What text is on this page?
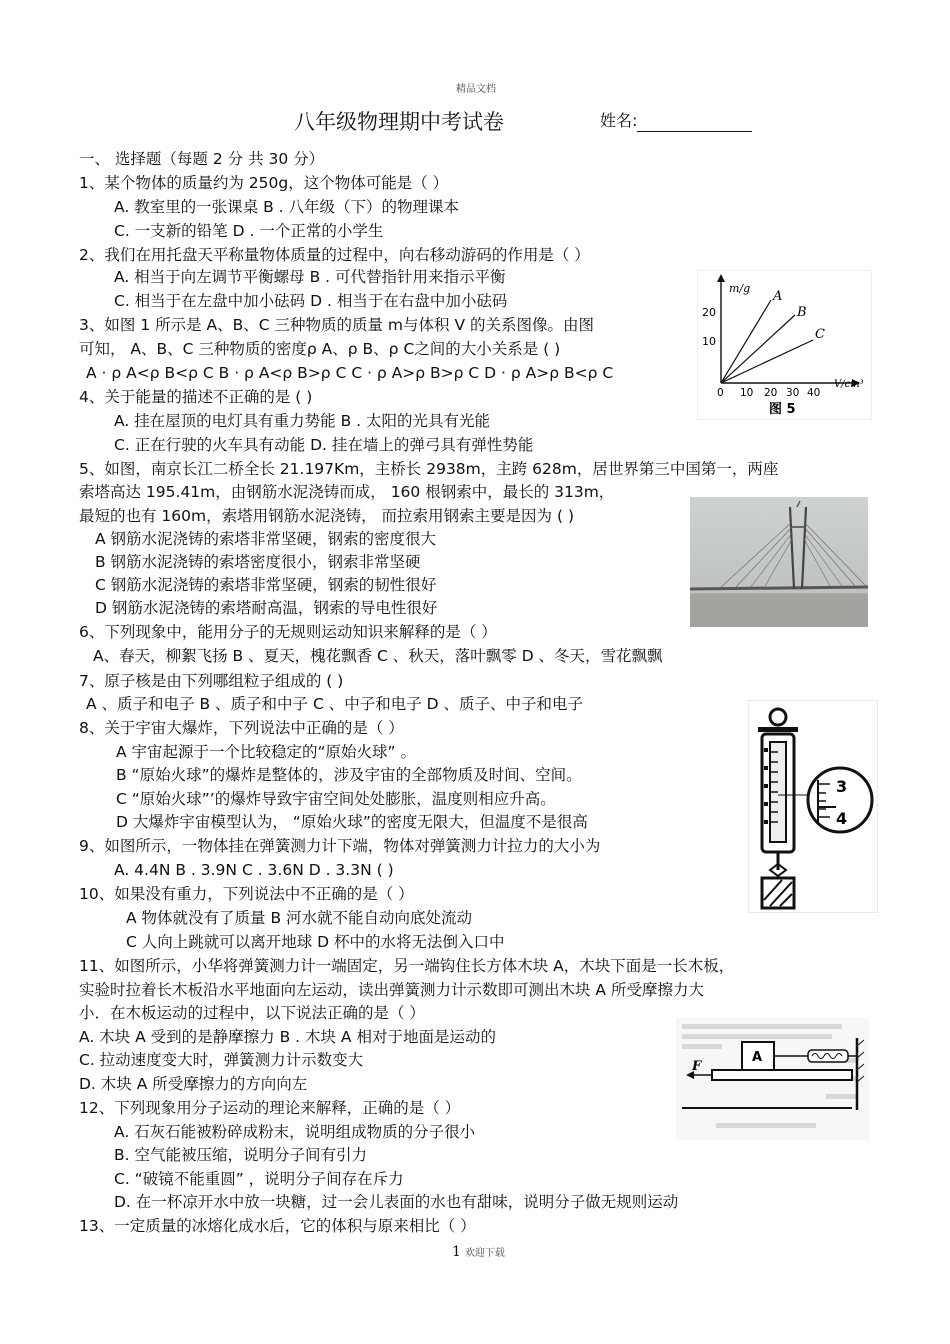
精品文档
八年级物理期中考试卷	姓名:
一、 选择题（每题 2 分 共 30 分）
1、某个物体的质量约为 250g，这个物体可能是（ ）
A. 教室里的一张课桌 B . 八年级（下）的物理课本
C. 一支新的铅笔 D . 一个正常的小学生
2、我们在用托盘天平称量物体质量的过程中，向右移动游码的作用是（ ）
A. 相当于向左调节平衡螺母 B . 可代替指针用来指示平衡
C. 相当于在左盘中加小砝码 D . 相当于在右盘中加小砝码
3、如图 1 所示是 A、B、C 三种物质的质量 m与体积 V 的关系图像。由图
可知， A、B、C 三种物质的密度ρ A、ρ B、ρ C之间的大小关系是 ( )
A · ρ A<ρ B<ρ C B · ρ A<ρ B>ρ C C · ρ A>ρ B>ρ C D · ρ A>ρ B<ρ C
4、关于能量的描述不正确的是 ( )
A. 挂在屋顶的电灯具有重力势能 B . 太阳的光具有光能
C. 正在行驶的火车具有动能 D. 挂在墙上的弹弓具有弹性势能
5、如图，南京长江二桥全长 21.197Km，主桥长 2938m，主跨 628m，居世界第三中国第一，两座
索塔高达 195.41m，由钢筋水泥浇铸而成， 160 根钢索中，最长的 313m，
最短的也有 160m，索塔用钢筋水泥浇铸， 而拉索用钢索主要是因为 ( )
A 钢筋水泥浇铸的索塔非常坚硬，钢索的密度很大
B 钢筋水泥浇铸的索塔密度很小，钢索非常坚硬
C 钢筋水泥浇铸的索塔非常坚硬，钢索的韧性很好
D 钢筋水泥浇铸的索塔耐高温，钢索的导电性很好
6、下列现象中，能用分子的无规则运动知识来解释的是（ ）
A、春天，柳絮飞扬 B 、夏天，槐花飘香 C 、秋天，落叶飘零 D 、冬天，雪花飘飘
7、原子核是由下列哪组粒子组成的 ( )
A 、质子和电子 B 、质子和中子 C 、中子和电子 D 、质子、中子和电子
8、关于宇宙大爆炸，下列说法中正确的是（ ）
A 宇宙起源于一个比较稳定的“原始火球” 。
B “原始火球”的爆炸是整体的，涉及宇宙的全部物质及时间、空间。
C “原始火球”’的爆炸导致宇宙空间处处膨胀，温度则相应升高。
D 大爆炸宇宙模型认为， “原始火球”的密度无限大，但温度不是很高
9、如图所示，一物体挂在弹簧测力计下端，物体对弹簧测力计拉力的大小为
A. 4.4N B . 3.9N C . 3.6N D . 3.3N ( )
10、如果没有重力，下列说法中不正确的是（ ）
A 物体就没有了质量 B 河水就不能自动向底处流动
C 人向上跳就可以离开地球 D 杯中的水将无法倒入口中
11、如图所示，小华将弹簧测力计一端固定，另一端钩住长方体木块 A，木块下面是一长木板，
实验时拉着长木板沿水平地面向左运动，读出弹簧测力计示数即可测出木块 A 所受摩擦力大
小．在木板运动的过程中，以下说法正确的是（ ）
A. 木块 A 受到的是静摩擦力 B . 木块 A 相对于地面是运动的
C. 拉动速度变大时，弹簧测力计示数变大
D. 木块 A 所受摩擦力的方向向左
12、下列现象用分子运动的理论来解释，正确的是（ ）
A. 石灰石能被粉碎成粉末，说明组成物质的分子很小
B. 空气能被压缩，说明分子间有引力
C. “破镜不能重圆” ，说明分子间存在斥力
D. 在一杯凉开水中放一块糖，过一会儿表面的水也有甜味，说明分子做无规则运动
13、一定质量的冰熔化成水后，它的体积与原来相比（ ）
m/g
20
10
A
B
C
0 10 20 30 40
V/cm³
图 5
3
4
A
F
1 欢迎下载
